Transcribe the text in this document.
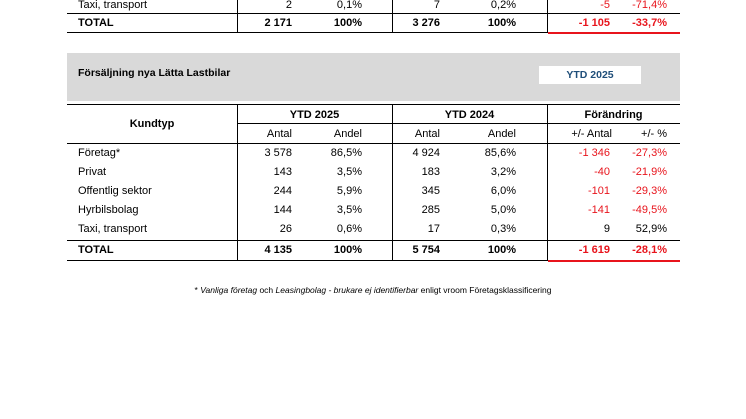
Taxi, transport	2	0,1%	7	0,2%	-5 -71,4%
TOTAL	2 171	100%	3 276	100%	-1 105 -33,7%
Försäljning nya Lätta Lastbilar	YTD 2025
Kundtyp
YTD 2025	YTD 2024	Förändring
Antal	Andel	Antal	Andel	+/- Antal	+/- %
Företag*	3 578	86,5%	4 924	85,6%	-1 346 -27,3%
Privat	143	3,5%	183	3,2%	-40 -21,9%
Offentlig sektor	244	5,9%	345	6,0%	-101 -29,3%
Hyrbilsbolag	144	3,5%	285	5,0%	-141 -49,5%
Taxi, transport	26	0,6%	17	0,3%	9 52,9%
TOTAL	4 135	100%	5 754	100%	-1 619 -28,1%
* Vanliga företag och Leasingbolag - brukare ej identifierbar enligt vroom Företagsklassificering
